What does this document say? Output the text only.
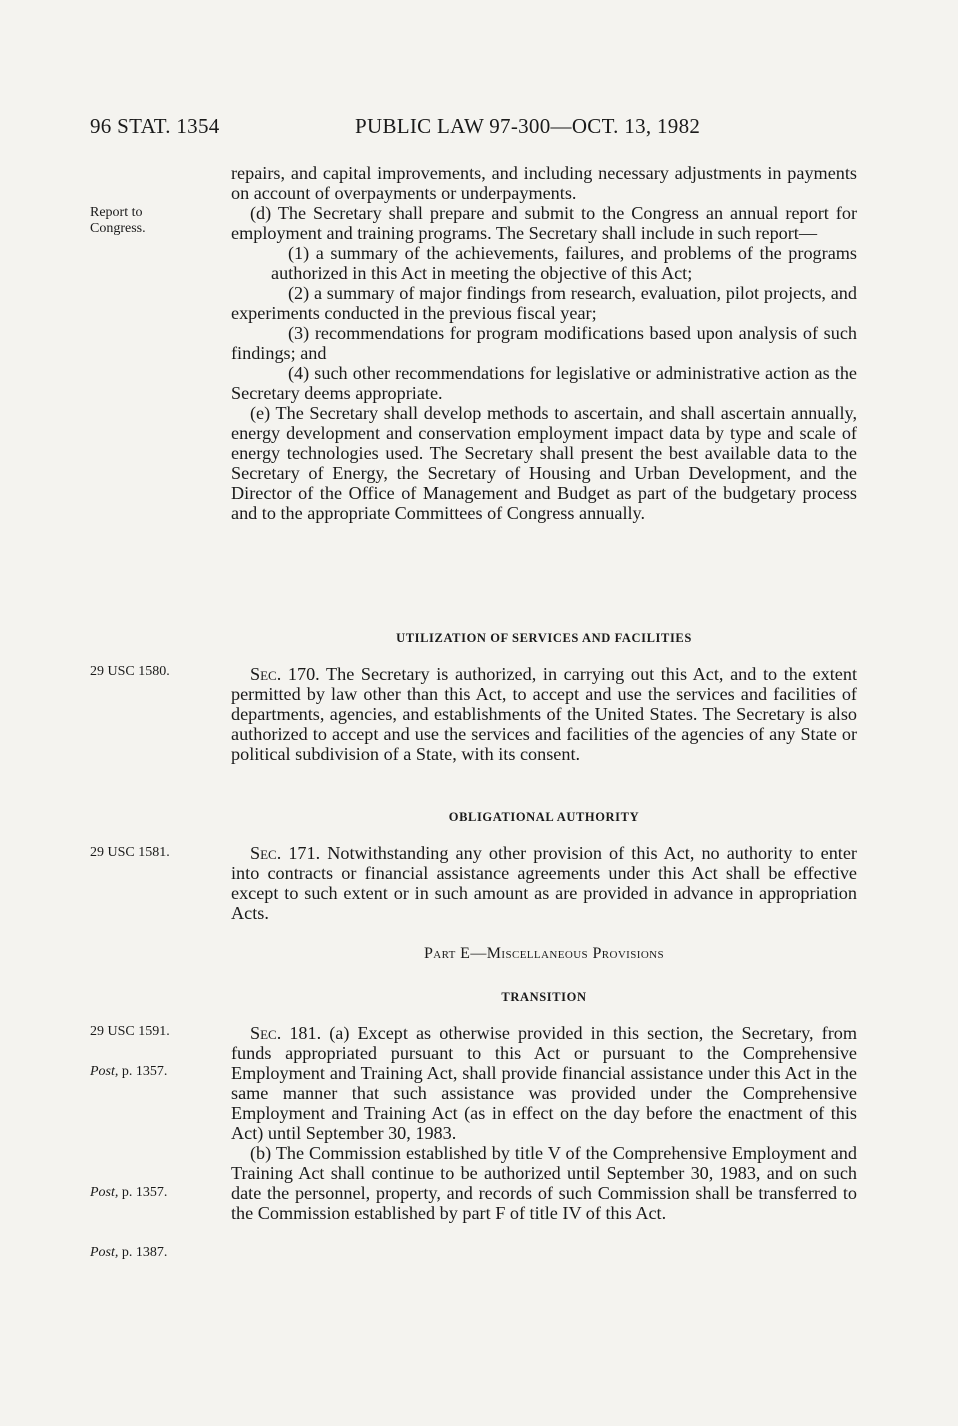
96 STAT. 1354	PUBLIC LAW 97-300—OCT. 13, 1982
Report to
Congress.
29 USC 1580.
29 USC 1581.
29 USC 1591.
Post, p. 1357.
Post, p. 1357.
Post, p. 1387.

repairs, and capital improvements, and including necessary adjustments in payments on account of overpayments or underpayments.

(d) The Secretary shall prepare and submit to the Congress an annual report for employment and training programs. The Secretary shall include in such report—

(1) a summary of the achievements, failures, and problems of the programs authorized in this Act in meeting the objective of this Act;

(2) a summary of major findings from research, evaluation, pilot projects, and experiments conducted in the previous fiscal year;

(3) recommendations for program modifications based upon analysis of such findings; and

(4) such other recommendations for legislative or administrative action as the Secretary deems appropriate.

(e) The Secretary shall develop methods to ascertain, and shall ascertain annually, energy development and conservation employment impact data by type and scale of energy technologies used. The Secretary shall present the best available data to the Secretary of Energy, the Secretary of Housing and Urban Development, and the Director of the Office of Management and Budget as part of the budgetary process and to the appropriate Committees of Congress annually.

UTILIZATION OF SERVICES AND FACILITIES

Sec. 170. The Secretary is authorized, in carrying out this Act, and to the extent permitted by law other than this Act, to accept and use the services and facilities of departments, agencies, and establishments of the United States. The Secretary is also authorized to accept and use the services and facilities of the agencies of any State or political subdivision of a State, with its consent.

OBLIGATIONAL AUTHORITY

Sec. 171. Notwithstanding any other provision of this Act, no authority to enter into contracts or financial assistance agreements under this Act shall be effective except to such extent or in such amount as are provided in advance in appropriation Acts.

Part E—Miscellaneous Provisions
TRANSITION

Sec. 181. (a) Except as otherwise provided in this section, the Secretary, from funds appropriated pursuant to this Act or pursuant to the Comprehensive Employment and Training Act, shall provide financial assistance under this Act in the same manner that such assistance was provided under the Comprehensive Employment and Training Act (as in effect on the day before the enactment of this Act) until September 30, 1983.

(b) The Commission established by title V of the Comprehensive Employment and Training Act shall continue to be authorized until September 30, 1983, and on such date the personnel, property, and records of such Commission shall be transferred to the Commission established by part F of title IV of this Act.
